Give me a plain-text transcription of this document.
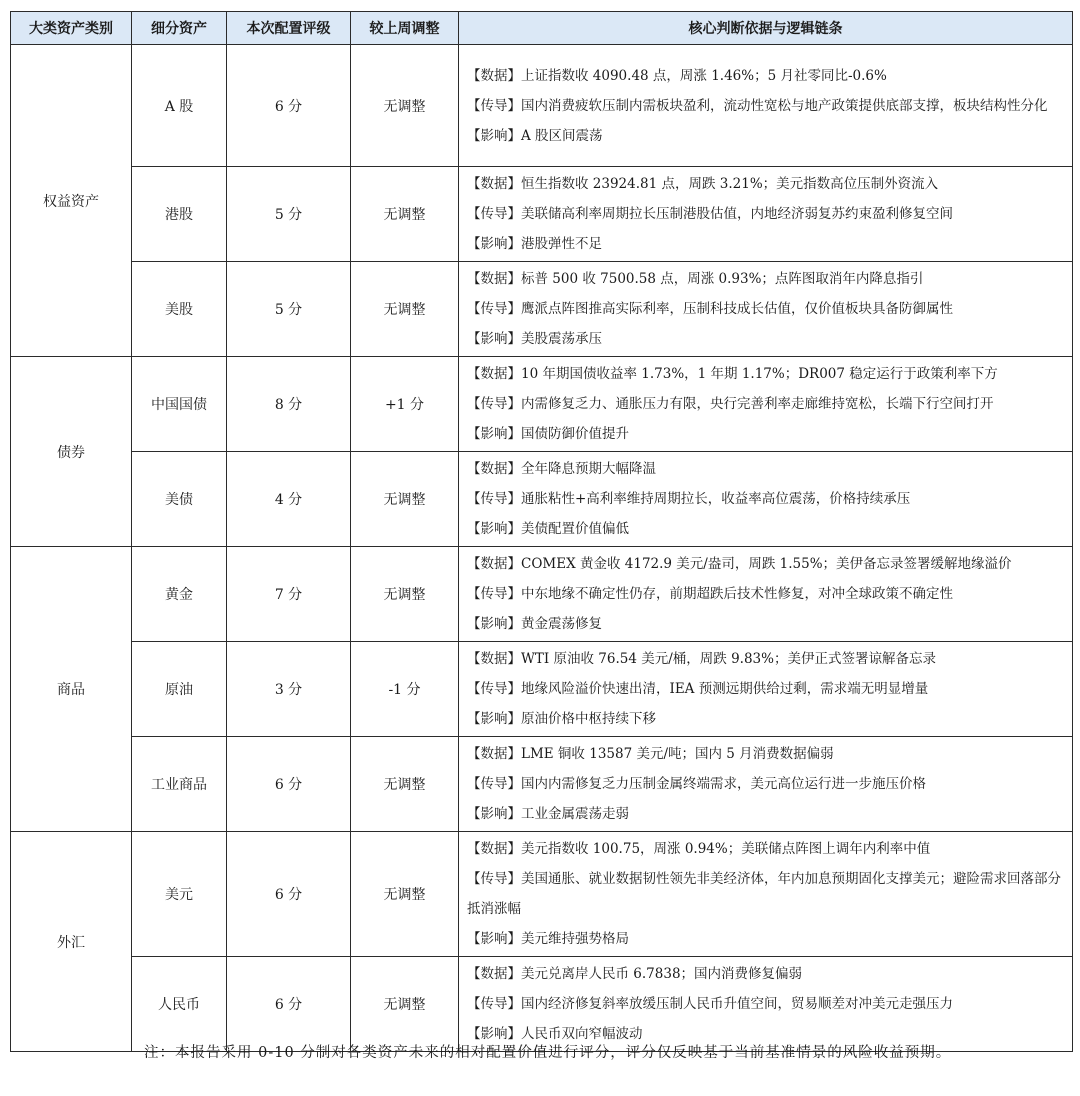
大类资产类别	细分资产	本次配置评级	较上周调整	核心判断依据与逻辑链条
权益资产	A 股	6 分	无调整	【数据】上证指数收 4090.48 点，周涨 1.46%；5 月社零同比-0.6%
【传导】国内消费疲软压制内需板块盈利，流动性宽松与地产政策提供底部支撑，板块结构性分化
【影响】A 股区间震荡

	港股	5 分	无调整	【数据】恒生指数收 23924.81 点，周跌 3.21%；美元指数高位压制外资流入
【传导】美联储高利率周期拉长压制港股估值，内地经济弱复苏约束盈利修复空间
【影响】港股弹性不足

	美股	5 分	无调整	【数据】标普 500 收 7500.58 点，周涨 0.93%；点阵图取消年内降息指引
【传导】鹰派点阵图推高实际利率，压制科技成长估值，仅价值板块具备防御属性
【影响】美股震荡承压

债券	中国国债	8 分	+1 分	【数据】10 年期国债收益率 1.73%，1 年期 1.17%；DR007 稳定运行于政策利率下方
【传导】内需修复乏力、通胀压力有限，央行完善利率走廊维持宽松，长端下行空间打开
【影响】国债防御价值提升

	美债	4 分	无调整	【数据】全年降息预期大幅降温
【传导】通胀粘性+高利率维持周期拉长，收益率高位震荡，价格持续承压
【影响】美债配置价值偏低

商品	黄金	7 分	无调整	【数据】COMEX 黄金收 4172.9 美元/盎司，周跌 1.55%；美伊备忘录签署缓解地缘溢价
【传导】中东地缘不确定性仍存，前期超跌后技术性修复，对冲全球政策不确定性
【影响】黄金震荡修复

	原油	3 分	-1 分	【数据】WTI 原油收 76.54 美元/桶，周跌 9.83%；美伊正式签署谅解备忘录
【传导】地缘风险溢价快速出清，IEA 预测远期供给过剩，需求端无明显增量
【影响】原油价格中枢持续下移

	工业商品	6 分	无调整	【数据】LME 铜收 13587 美元/吨；国内 5 月消费数据偏弱
【传导】国内内需修复乏力压制金属终端需求，美元高位运行进一步施压价格
【影响】工业金属震荡走弱

外汇	美元	6 分	无调整	【数据】美元指数收 100.75，周涨 0.94%；美联储点阵图上调年内利率中值
【传导】美国通胀、就业数据韧性领先非美经济体，年内加息预期固化支撑美元；避险需求回落部分抵消涨幅
【影响】美元维持强势格局

	人民币	6 分	无调整	【数据】美元兑离岸人民币 6.7838；国内消费修复偏弱
【传导】国内经济修复斜率放缓压制人民币升值空间，贸易顺差对冲美元走强压力
【影响】人民币双向窄幅波动
注：本报告采用 0-10 分制对各类资产未来的相对配置价值进行评分，评分仅反映基于当前基准情景的风险收益预期。
